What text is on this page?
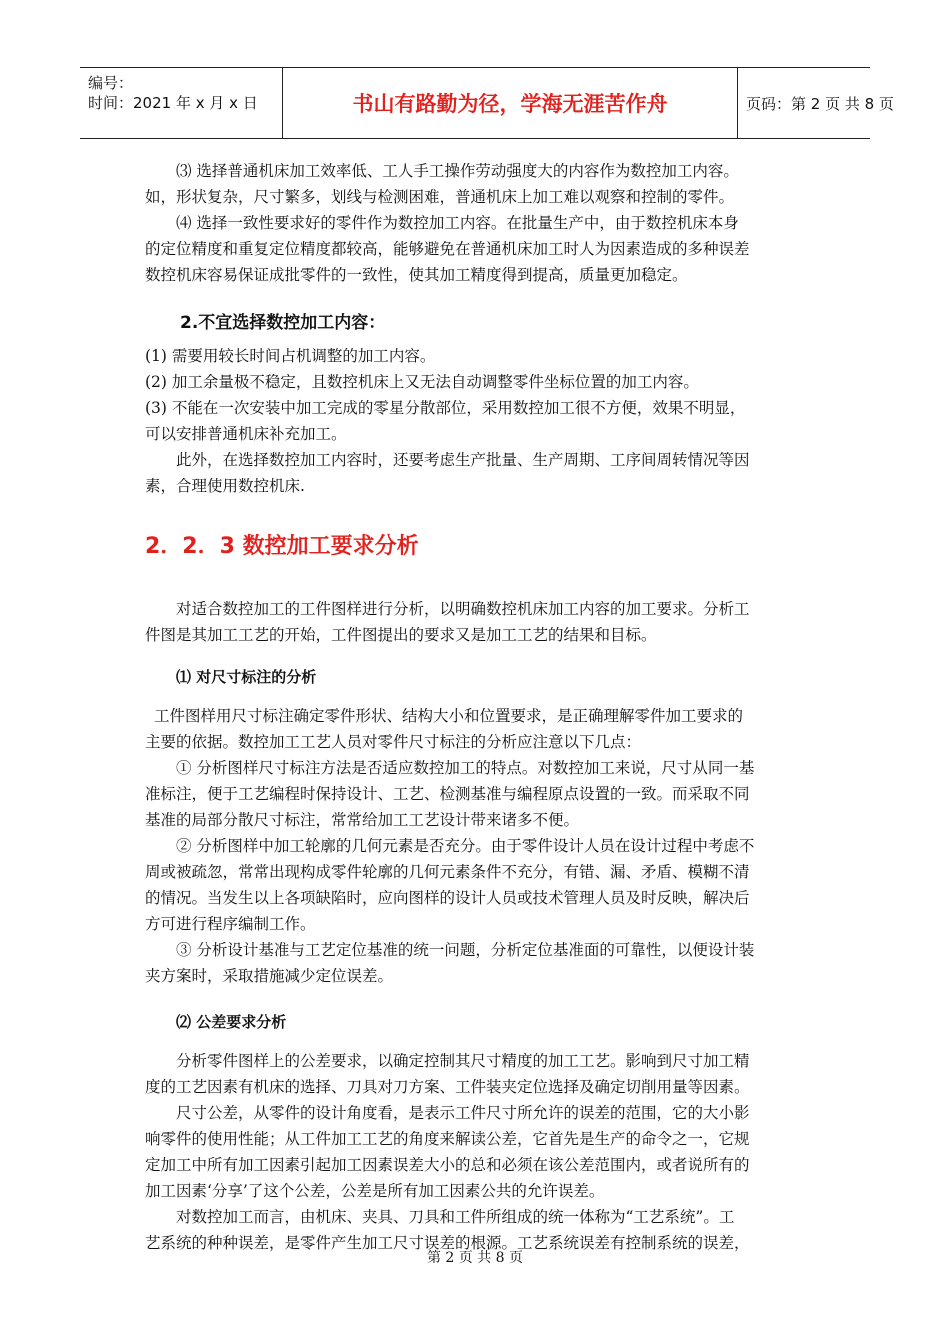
编号：
时间：2021 年 x 月 x 日	书山有路勤为径，学海无涯苦作舟	页码：第 2 页 共 8 页

⑶ 选择普通机床加工效率低、工人手工操作劳动强度大的内容作为数控加工内容。

如，形状复杂，尺寸繁多，划线与检测困难，普通机床上加工难以观察和控制的零件。

⑷ 选择一致性要求好的零件作为数控加工内容。在批量生产中，由于数控机床本身

的定位精度和重复定位精度都较高，能够避免在普通机床加工时人为因素造成的多种误差

数控机床容易保证成批零件的一致性，使其加工精度得到提高，质量更加稳定。

2.不宜选择数控加工内容：

(1) 需要用较长时间占机调整的加工内容。

(2) 加工余量极不稳定，且数控机床上又无法自动调整零件坐标位置的加工内容。

(3) 不能在一次安装中加工完成的零星分散部位，采用数控加工很不方便，效果不明显，

可以安排普通机床补充加工。

此外，在选择数控加工内容时，还要考虑生产批量、生产周期、工序间周转情况等因

素，合理使用数控机床.

2．2．3 数控加工要求分析

对适合数控加工的工件图样进行分析，以明确数控机床加工内容的加工要求。分析工

件图是其加工工艺的开始，工件图提出的要求又是加工工艺的结果和目标。

⑴ 对尺寸标注的分析

工件图样用尺寸标注确定零件形状、结构大小和位置要求，是正确理解零件加工要求的

主要的依据。数控加工工艺人员对零件尺寸标注的分析应注意以下几点：

① 分析图样尺寸标注方法是否适应数控加工的特点。对数控加工来说，尺寸从同一基

准标注，便于工艺编程时保持设计、工艺、检测基准与编程原点设置的一致。而采取不同

基准的局部分散尺寸标注，常常给加工工艺设计带来诸多不便。

② 分析图样中加工轮廓的几何元素是否充分。由于零件设计人员在设计过程中考虑不

周或被疏忽，常常出现构成零件轮廓的几何元素条件不充分，有错、漏、矛盾、模糊不清

的情况。当发生以上各项缺陷时，应向图样的设计人员或技术管理人员及时反映，解决后

方可进行程序编制工作。

③ 分析设计基准与工艺定位基准的统一问题，分析定位基准面的可靠性，以便设计装

夹方案时，采取措施减少定位误差。

⑵ 公差要求分析

分析零件图样上的公差要求，以确定控制其尺寸精度的加工工艺。影响到尺寸加工精

度的工艺因素有机床的选择、刀具对刀方案、工件装夹定位选择及确定切削用量等因素。

尺寸公差，从零件的设计角度看，是表示工件尺寸所允许的误差的范围，它的大小影

响零件的使用性能；从工件加工工艺的角度来解读公差，它首先是生产的命令之一，它规

定加工中所有加工因素引起加工因素误差大小的总和必须在该公差范围内，或者说所有的

加工因素‘分享’了这个公差，公差是所有加工因素公共的允许误差。

对数控加工而言，由机床、夹具、刀具和工件所组成的统一体称为“工艺系统”。工

艺系统的种种误差，是零件产生加工尺寸误差的根源。工艺系统误差有控制系统的误差，

第 2 页 共 8 页
